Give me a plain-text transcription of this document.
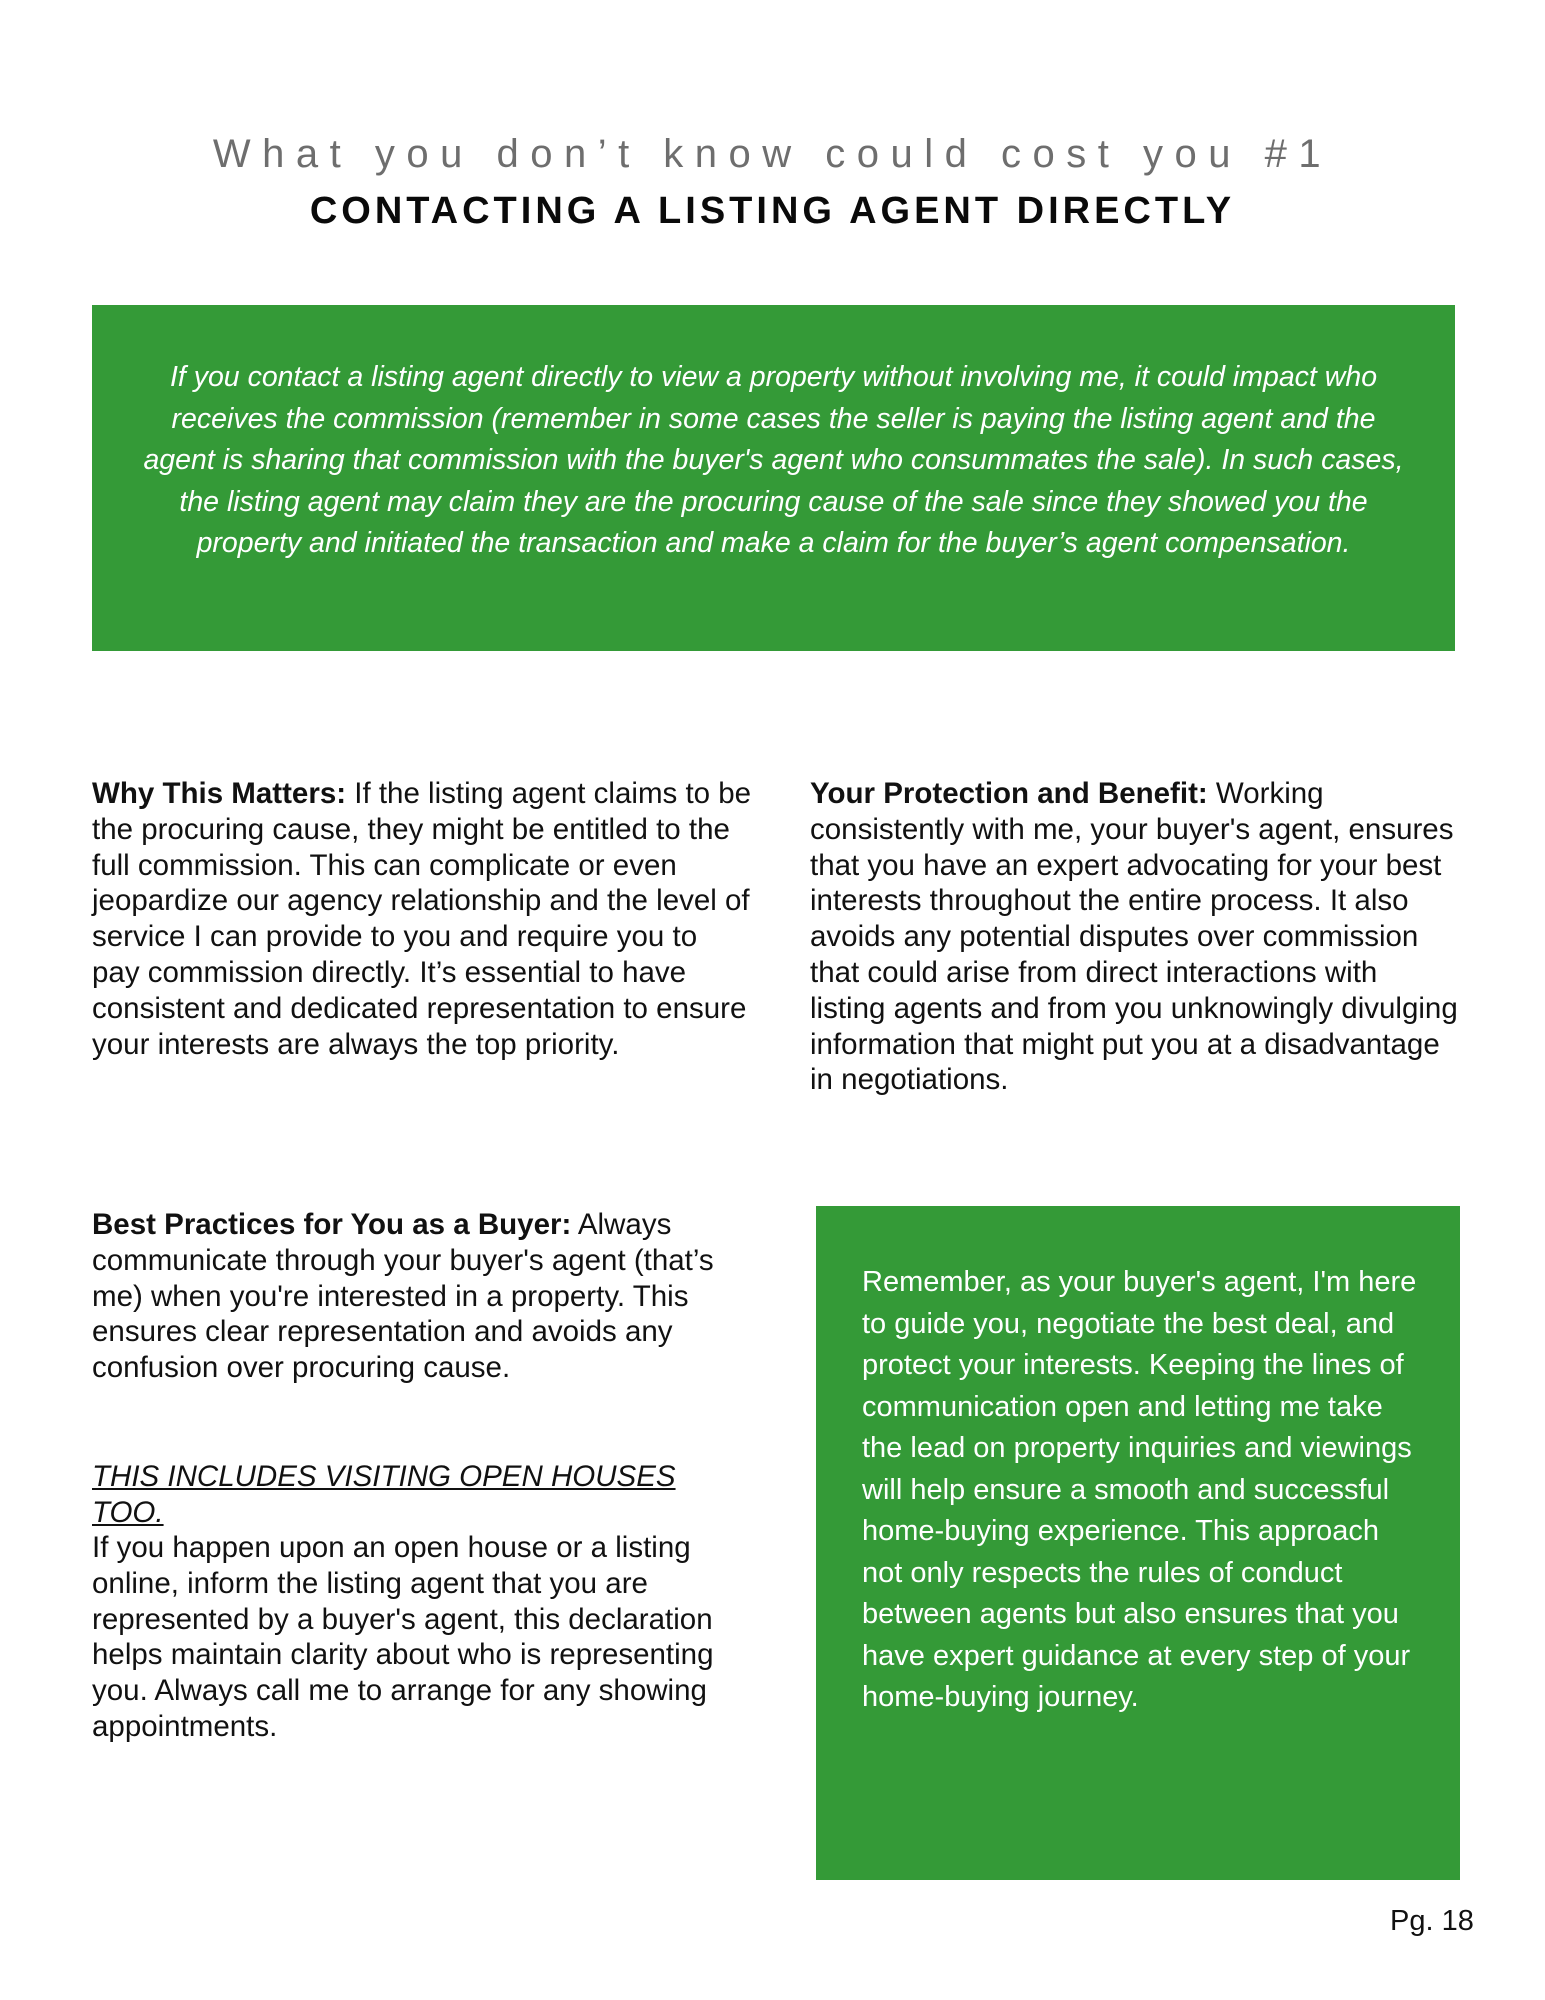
What you don’t know could cost you #1
CONTACTING A LISTING AGENT DIRECTLY
If you contact a listing agent directly to view a property without involving me, it could impact who receives the commission (remember in some cases the seller is paying the listing agent and the agent is sharing that commission with the buyer's agent who consummates the sale). In such cases, the listing agent may claim they are the procuring cause of the sale since they showed you the property and initiated the transaction and make a claim for the buyer’s agent compensation.
Why This Matters: If the listing agent claims to be the procuring cause, they might be entitled to the full commission. This can complicate or even jeopardize our agency relationship and the level of service I can provide to you and require you to pay commission directly. It’s essential to have consistent and dedicated representation to ensure your interests are always the top priority.
Best Practices for You as a Buyer: Always communicate through your buyer's agent (that’s me) when you're interested in a property. This ensures clear representation and avoids any confusion over procuring cause.
THIS INCLUDES VISITING OPEN HOUSES TOO.
If you happen upon an open house or a listing online, inform the listing agent that you are represented by a buyer's agent, this declaration helps maintain clarity about who is representing you. Always call me to arrange for any showing appointments.
Your Protection and Benefit: Working consistently with me, your buyer's agent, ensures that you have an expert advocating for your best interests throughout the entire process. It also avoids any potential disputes over commission that could arise from direct interactions with listing agents and from you unknowingly divulging information that might put you at a disadvantage in negotiations.
Remember, as your buyer's agent, I'm here to guide you, negotiate the best deal, and protect your interests. Keeping the lines of communication open and letting me take the lead on property inquiries and viewings will help ensure a smooth and successful home-buying experience. This approach not only respects the rules of conduct between agents but also ensures that you have expert guidance at every step of your home-buying journey.
Pg. 18
